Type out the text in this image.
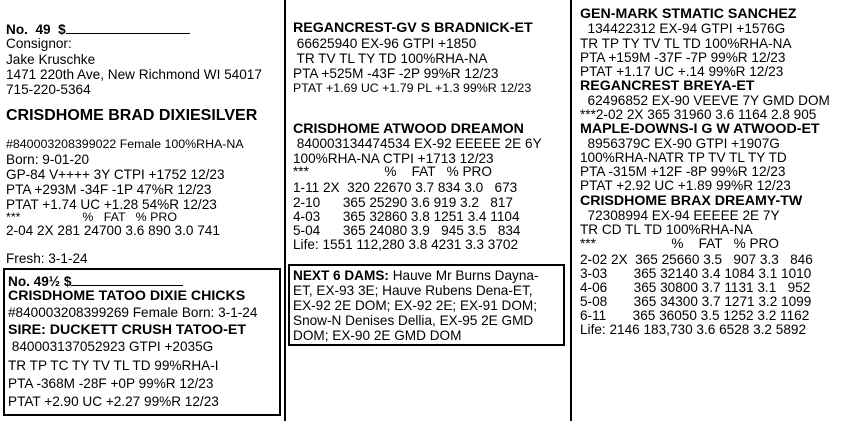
No.  49  $
Consignor:
Jake Kruschke
1471 220th Ave, New Richmond WI 54017
715-220-5364
CRISDHOME BRAD DIXIESILVER
#840003208399022 Female 100%RHA-NA
Born: 9-01-20
GP-84 V++++ 3Y CTPI +1752 12/23
PTA +293M -34F -1P 47%R 12/23
PTAT +1.74 UC +1.28 54%R 12/23
***                  %   FAT   % PRO
2-04 2X 281 24700 3.6 890 3.0 741
Fresh: 3-1-24
No. 49½ $
CRISDHOME TATOO DIXIE CHICKS
#840003208399269 Female Born: 3-1-24
SIRE: DUCKETT CRUSH TATOO-ET
840003137052923 GTPI +2035G
TR TP TC TY TV TL TD 99%RHA-I
PTA -368M -28F +0P 99%R 12/23
PTAT +2.90 UC +2.27 99%R 12/23
REGANCREST-GV S BRADNICK-ET
66625940 EX-96 GTPI +1850
TR TV TL TY TD 100%RHA-NA
PTA +525M -43F -2P 99%R 12/23
PTAT +1.69 UC +1.79 PL +1.3 99%R 12/23
CRISDHOME ATWOOD DREAMON
840003134474534 EX-92 EEEEE 2E 6Y
100%RHA-NA CTPI +1713 12/23
***                    %    FAT   % PRO
1-11 2X  320 22670 3.7 834 3.0   673
2-10      365 25290 3.6 919 3.2   817
4-03      365 32860 3.8 1251 3.4 1104
5-04      365 24080 3.9   945 3.5   834
Life: 1551 112,280 3.8 4231 3.3 3702
NEXT 6 DAMS: Hauve Mr Burns Dayna-
ET, EX-93 3E; Hauve Rubens Dena-ET,
EX-92 2E DOM; EX-92 2E; EX-91 DOM;
Snow-N Denises Dellia, EX-95 2E GMD
DOM; EX-90 2E GMD DOM
GEN-MARK STMATIC SANCHEZ
134422312 EX-94 GTPI +1576G
TR TP TY TV TL TD 100%RHA-NA
PTA +159M -37F -7P 99%R 12/23
PTAT +1.17 UC +.14 99%R 12/23
REGANCREST BREYA-ET
62496852 EX-90 VEEVE 7Y GMD DOM
***2-02 2X 365 31960 3.6 1164 2.8 905
MAPLE-DOWNS-I G W ATWOOD-ET
8956379C EX-90 GTPI +1907G
100%RHA-NATR TP TV TL TY TD
PTA -315M +12F -8P 99%R 12/23
PTAT +2.92 UC +1.89 99%R 12/23
CRISDHOME BRAX DREAMY-TW
72308994 EX-94 EEEEE 2E 7Y
TR CD TL TD 100%RHA-NA
***                    %    FAT   % PRO
2-02 2X  365 25660 3.5   907 3.3   846
3-03       365 32140 3.4 1084 3.1 1010
4-06       365 30800 3.7 1131 3.1   952
5-08       365 34300 3.7 1271 3.2 1099
6-11       365 36050 3.5 1252 3.2 1162
Life: 2146 183,730 3.6 6528 3.2 5892
